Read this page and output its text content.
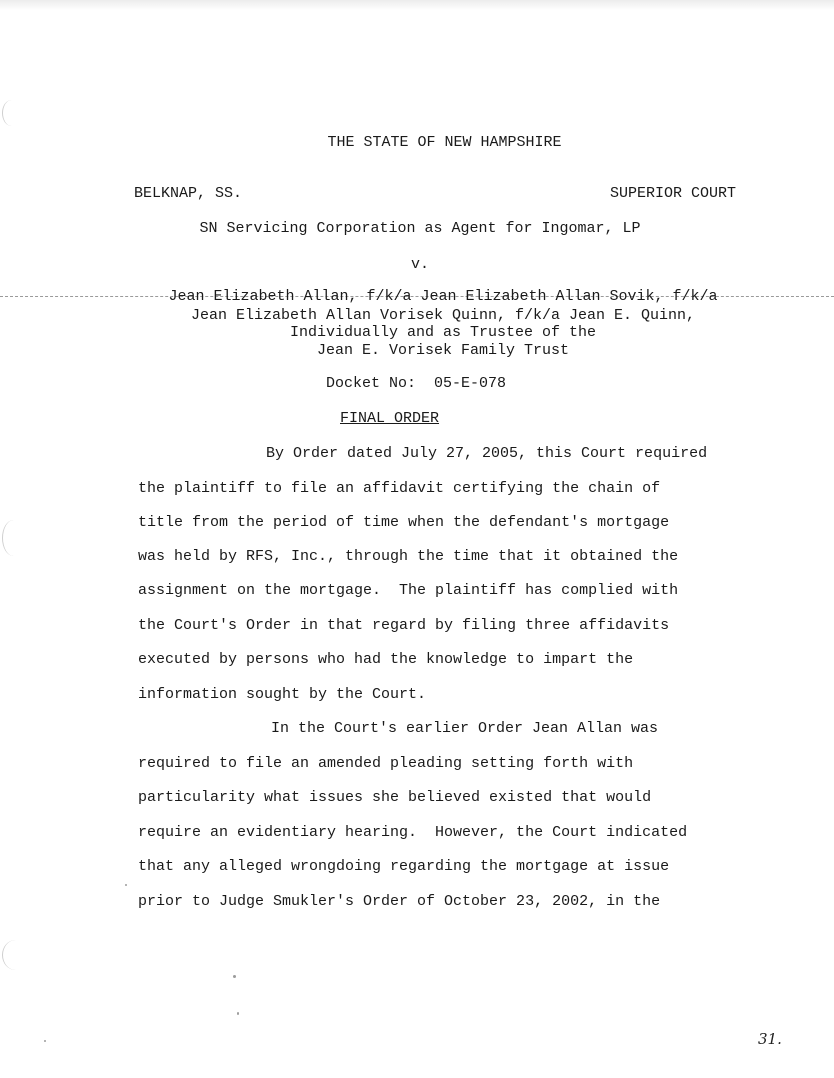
THE STATE OF NEW HAMPSHIRE
BELKNAP, SS.	SUPERIOR COURT
SN Servicing Corporation as Agent for Ingomar, LP
v.
Jean Elizabeth Allan, f/k/a Jean Elizabeth Allan Sovik, f/k/a
Jean Elizabeth Allan Vorisek Quinn, f/k/a Jean E. Quinn,
Individually and as Trustee of the
Jean E. Vorisek Family Trust
Docket No:  05-E-078
FINAL ORDER
By Order dated July 27, 2005, this Court required
the plaintiff to file an affidavit certifying the chain of
title from the period of time when the defendant's mortgage
was held by RFS, Inc., through the time that it obtained the
assignment on the mortgage.  The plaintiff has complied with
the Court's Order in that regard by filing three affidavits
executed by persons who had the knowledge to impart the
information sought by the Court.
In the Court's earlier Order Jean Allan was
required to file an amended pleading setting forth with
particularity what issues she believed existed that would
require an evidentiary hearing.  However, the Court indicated
that any alleged wrongdoing regarding the mortgage at issue
prior to Judge Smukler's Order of October 23, 2002, in the
31.
